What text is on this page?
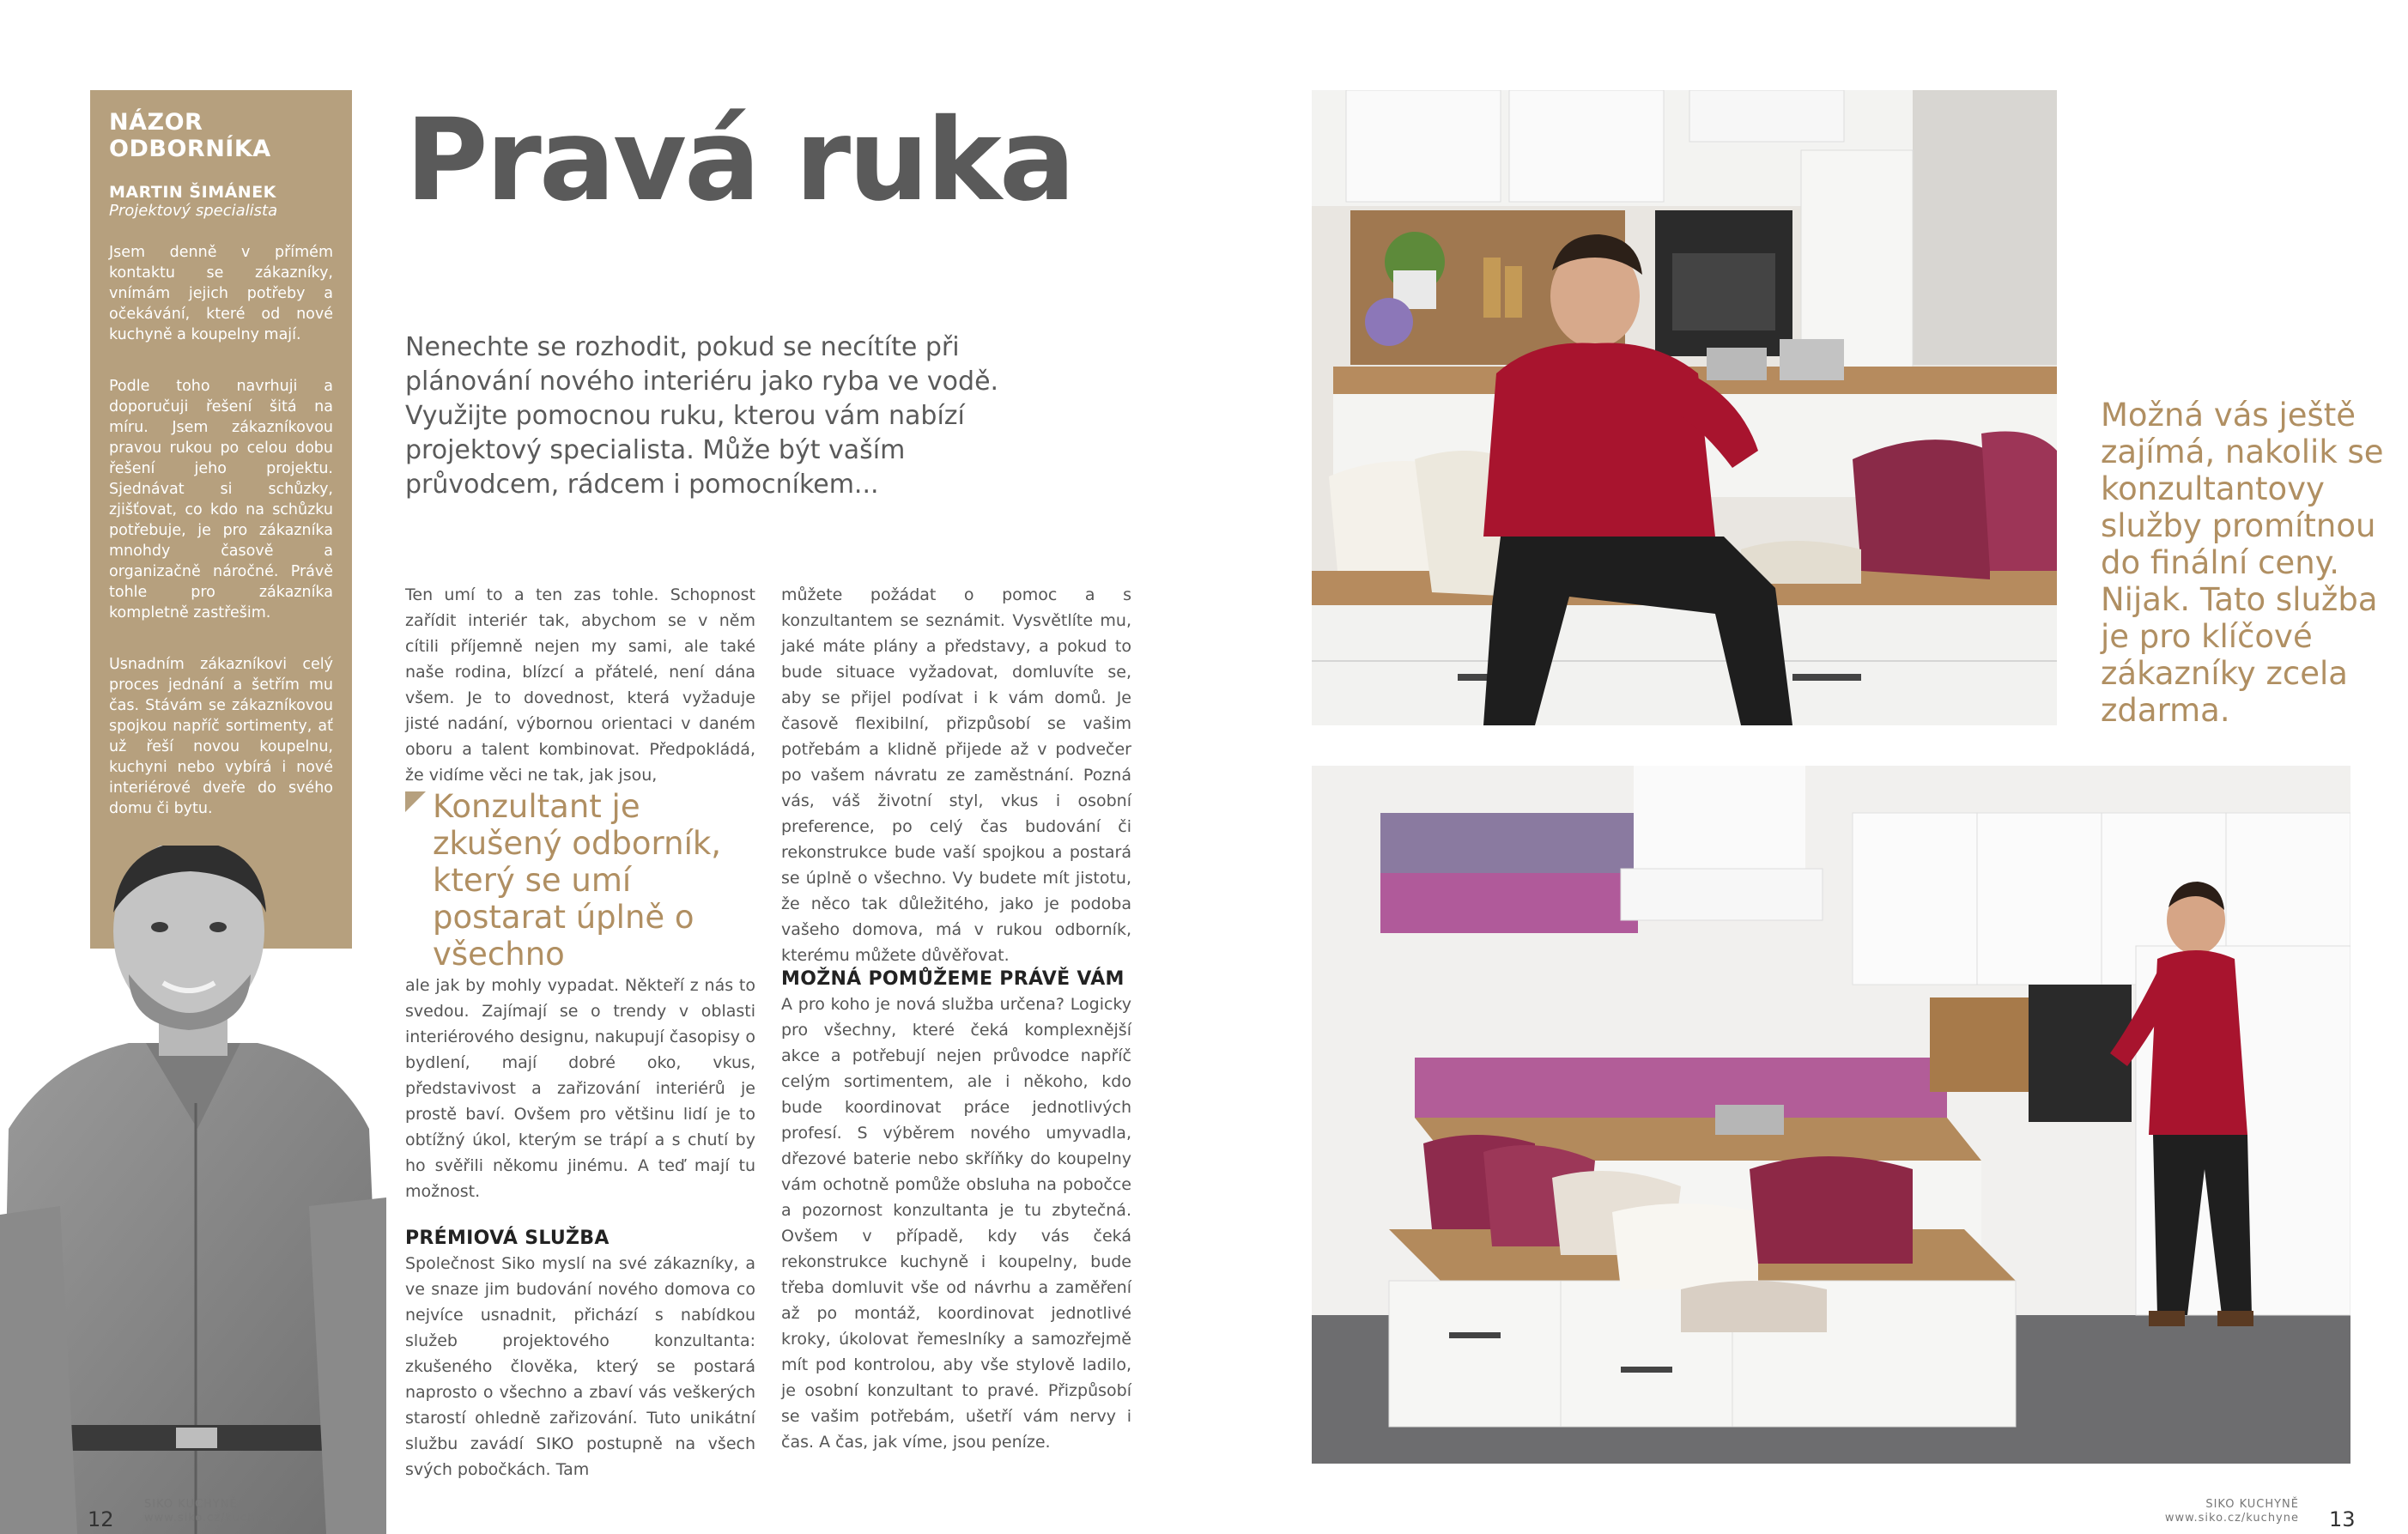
NÁZOR ODBORNÍKA
MARTIN ŠIMÁNEK
Projektový specialista

Jsem denně v přímém kontaktu se zákazníky, vnímám jejich potřeby a očekávání, které od nové kuchyně a koupelny mají.

Podle toho navrhuji a doporučuji řešení šitá na míru. Jsem zákazníkovou pravou rukou po celou dobu řešení jeho projektu. Sjednávat si schůzky, zjišťovat, co kdo na schůzku potřebuje, je pro zákazníka mnohdy časově a organizačně náročné. Právě tohle pro zákazníka kompletně zastřešim.

Usnadním zákazníkovi celý proces jednání a šetřím mu čas. Stávám se zákazníkovou spojkou napříč sortimenty, ať už řeší novou koupelnu, kuchyni nebo vybírá i nové interiérové dveře do svého domu či bytu.

Pravá ruka

Nenechte se rozhodit, pokud se necítíte při plánování nového interiéru jako ryba ve vodě. Využijte pomocnou ruku, kterou vám nabízí projektový specialista. Může být vaším průvodcem, rádcem i pomocníkem...

Ten umí to a ten zas tohle. Schopnost zařídit interiér tak, abychom se v něm cítili příjemně nejen my sami, ale také naše rodina, blízcí a přátelé, není dána všem. Je to dovednost, která vyžaduje jisté nadání, výbornou orientaci v daném oboru a talent kombinovat. Předpokládá, že vidíme věci ne tak, jak jsou,

Konzultant je zkušený odborník, který se umí postarat úplně o všechno

ale jak by mohly vypadat. Někteří z nás to svedou. Zajímají se o trendy v oblasti interiérového designu, nakupují časopisy o bydlení, mají dobré oko, vkus, představivost a zařizování interiérů je prostě baví. Ovšem pro většinu lidí je to obtížný úkol, kterým se trápí a s chutí by ho svěřili někomu jinému. A teď mají tu možnost.

PRÉMIOVÁ SLUŽBA

Společnost Siko myslí na své zákazníky, a ve snaze jim budování nového domova co nejvíce usnadnit, přichází s nabídkou služeb projektového konzultanta: zkušeného člověka, který se postará naprosto o všechno a zbaví vás veškerých starostí ohledně zařizování. Tuto unikátní službu zavádí SIKO postupně na všech svých pobočkách. Tam

můžete požádat o pomoc a s konzultantem se seznámit. Vysvětlíte mu, jaké máte plány a představy, a pokud to bude situace vyžadovat, domluvíte se, aby se přijel podívat i k vám domů. Je časově flexibilní, přizpůsobí se vašim potřebám a klidně přijede až v podvečer po vašem návratu ze zaměstnání. Pozná vás, váš životní styl, vkus i osobní preference, po celý čas budování či rekonstrukce bude vaší spojkou a postará se úplně o všechno. Vy budete mít jistotu, že něco tak důležitého, jako je podoba vašeho domova, má v rukou odborník, kterému můžete důvěřovat.

MOŽNÁ POMŮŽEME PRÁVĚ VÁM

A pro koho je nová služba určena? Logicky pro všechny, které čeká komplexnější akce a potřebují nejen průvodce napříč celým sortimentem, ale i někoho, kdo bude koordinovat práce jednotlivých profesí. S výběrem nového umyvadla, dřezové baterie nebo skříňky do koupelny vám ochotně pomůže obsluha na pobočce a pozornost konzultanta je tu zbytečná. Ovšem v případě, kdy vás čeká rekonstrukce kuchyně i koupelny, bude třeba domluvit vše od návrhu a zaměření až po montáž, koordinovat jednotlivé kroky, úkolovat řemeslníky a samozřejmě mít pod kontrolou, aby vše stylově ladilo, je osobní konzultant to pravé. Přizpůsobí se vašim potřebám, ušetří vám nervy i čas. A čas, jak víme, jsou peníze.

Možná vás ještě zajímá, nakolik se konzultantovy služby promítnou do finální ceny. Nijak. Tato služba je pro klíčové zákazníky zcela zdarma.

12
SIKO KUCHYNĚ
www.siko.cz/kuchyne
SIKO KUCHYNĚ
www.siko.cz/kuchyne 13
